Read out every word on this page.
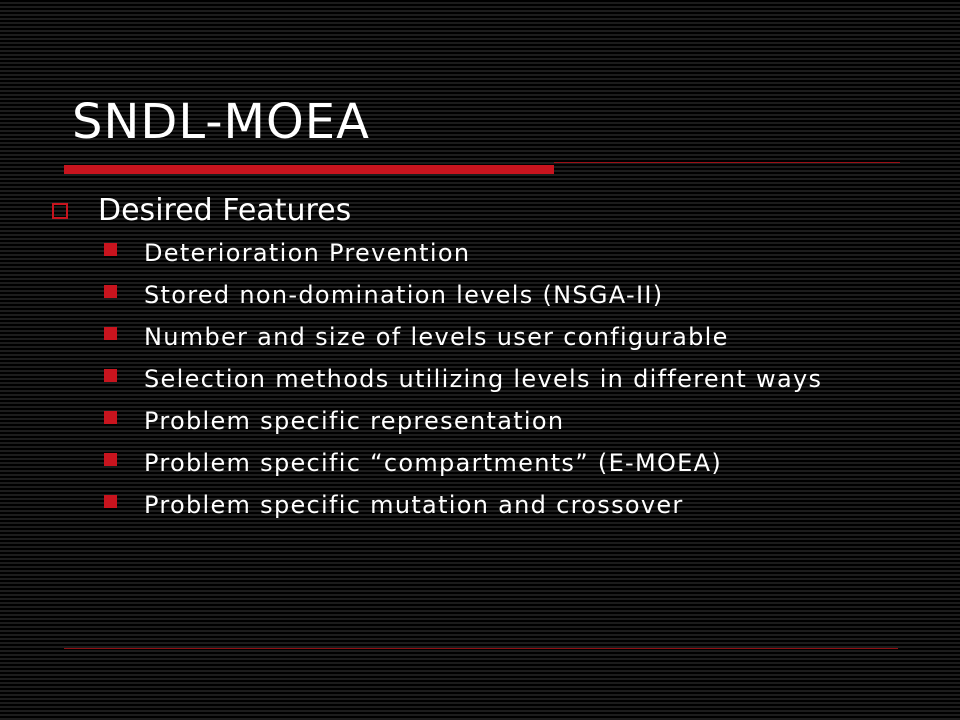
SNDL-MOEA
Desired Features
Deterioration Prevention
Stored non-domination levels (NSGA-II)
Number and size of levels user configurable
Selection methods utilizing levels in different ways
Problem specific representation
Problem specific “compartments” (E-MOEA)
Problem specific mutation and crossover
